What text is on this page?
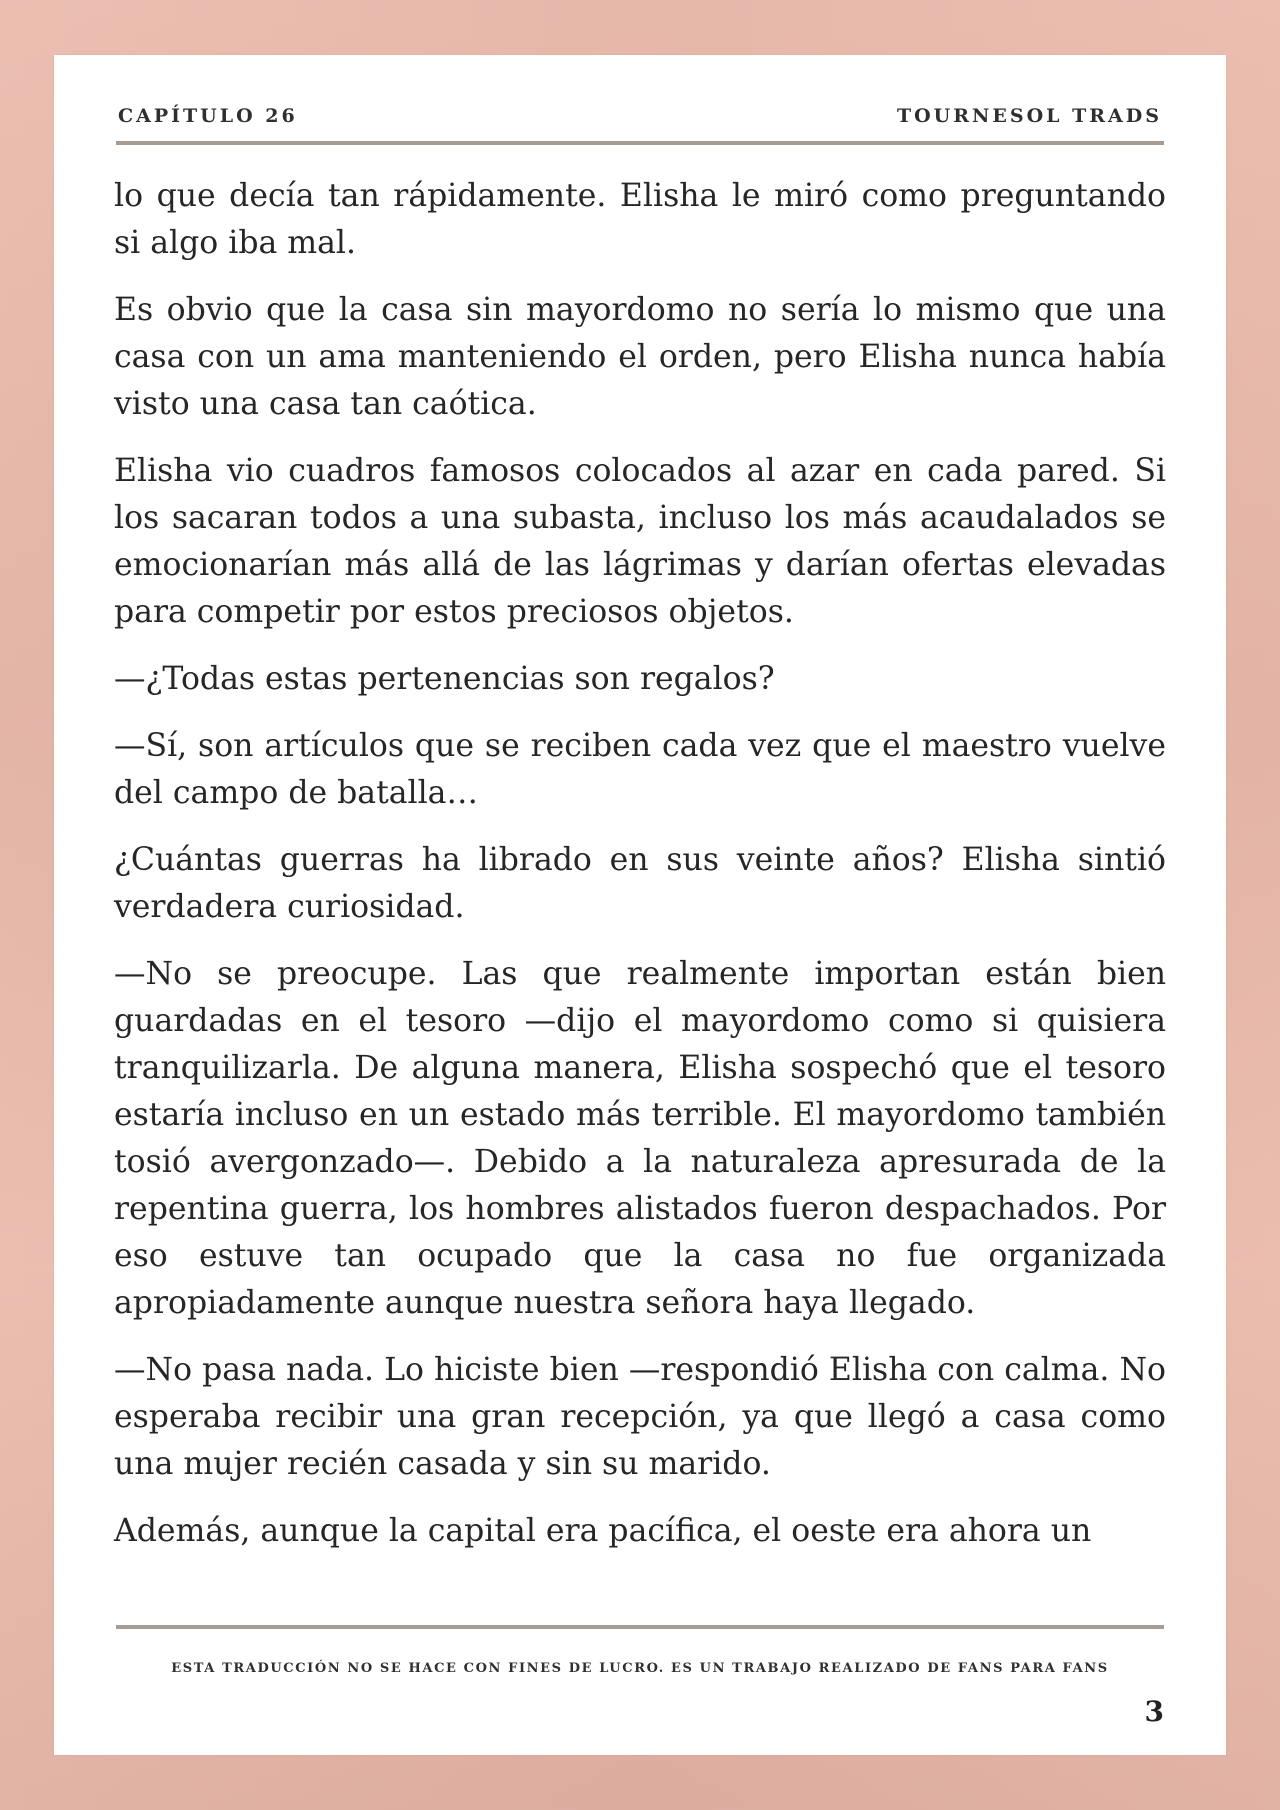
CAPÍTULO 26	TOURNESOL TRADS

lo que decía tan rápidamente. Elisha le miró como preguntando si algo iba mal.

Es obvio que la casa sin mayordomo no sería lo mismo que una casa con un ama manteniendo el orden, pero Elisha nunca había visto una casa tan caótica.

Elisha vio cuadros famosos colocados al azar en cada pared. Si los sacaran todos a una subasta, incluso los más acaudalados se emocionarían más allá de las lágrimas y darían ofertas elevadas para competir por estos preciosos objetos.

—¿Todas estas pertenencias son regalos?

—Sí, son artículos que se reciben cada vez que el maestro vuelve del campo de batalla…

¿Cuántas guerras ha librado en sus veinte años? Elisha sintió verdadera curiosidad.

—No se preocupe. Las que realmente importan están bien guardadas en el tesoro —dijo el mayordomo como si quisiera tranquilizarla. De alguna manera, Elisha sospechó que el tesoro estaría incluso en un estado más terrible. El mayordomo también tosió avergonzado—. Debido a la naturaleza apresurada de la repentina guerra, los hombres alistados fueron despachados. Por eso estuve tan ocupado que la casa no fue organizada apropiadamente aunque nuestra señora haya llegado.

—No pasa nada. Lo hiciste bien —respondió Elisha con calma. No esperaba recibir una gran recepción, ya que llegó a casa como una mujer recién casada y sin su marido.

Además, aunque la capital era pacífica, el oeste era ahora un

ESTA TRADUCCIÓN NO SE HACE CON FINES DE LUCRO. ES UN TRABAJO REALIZADO DE FANS PARA FANS
3
